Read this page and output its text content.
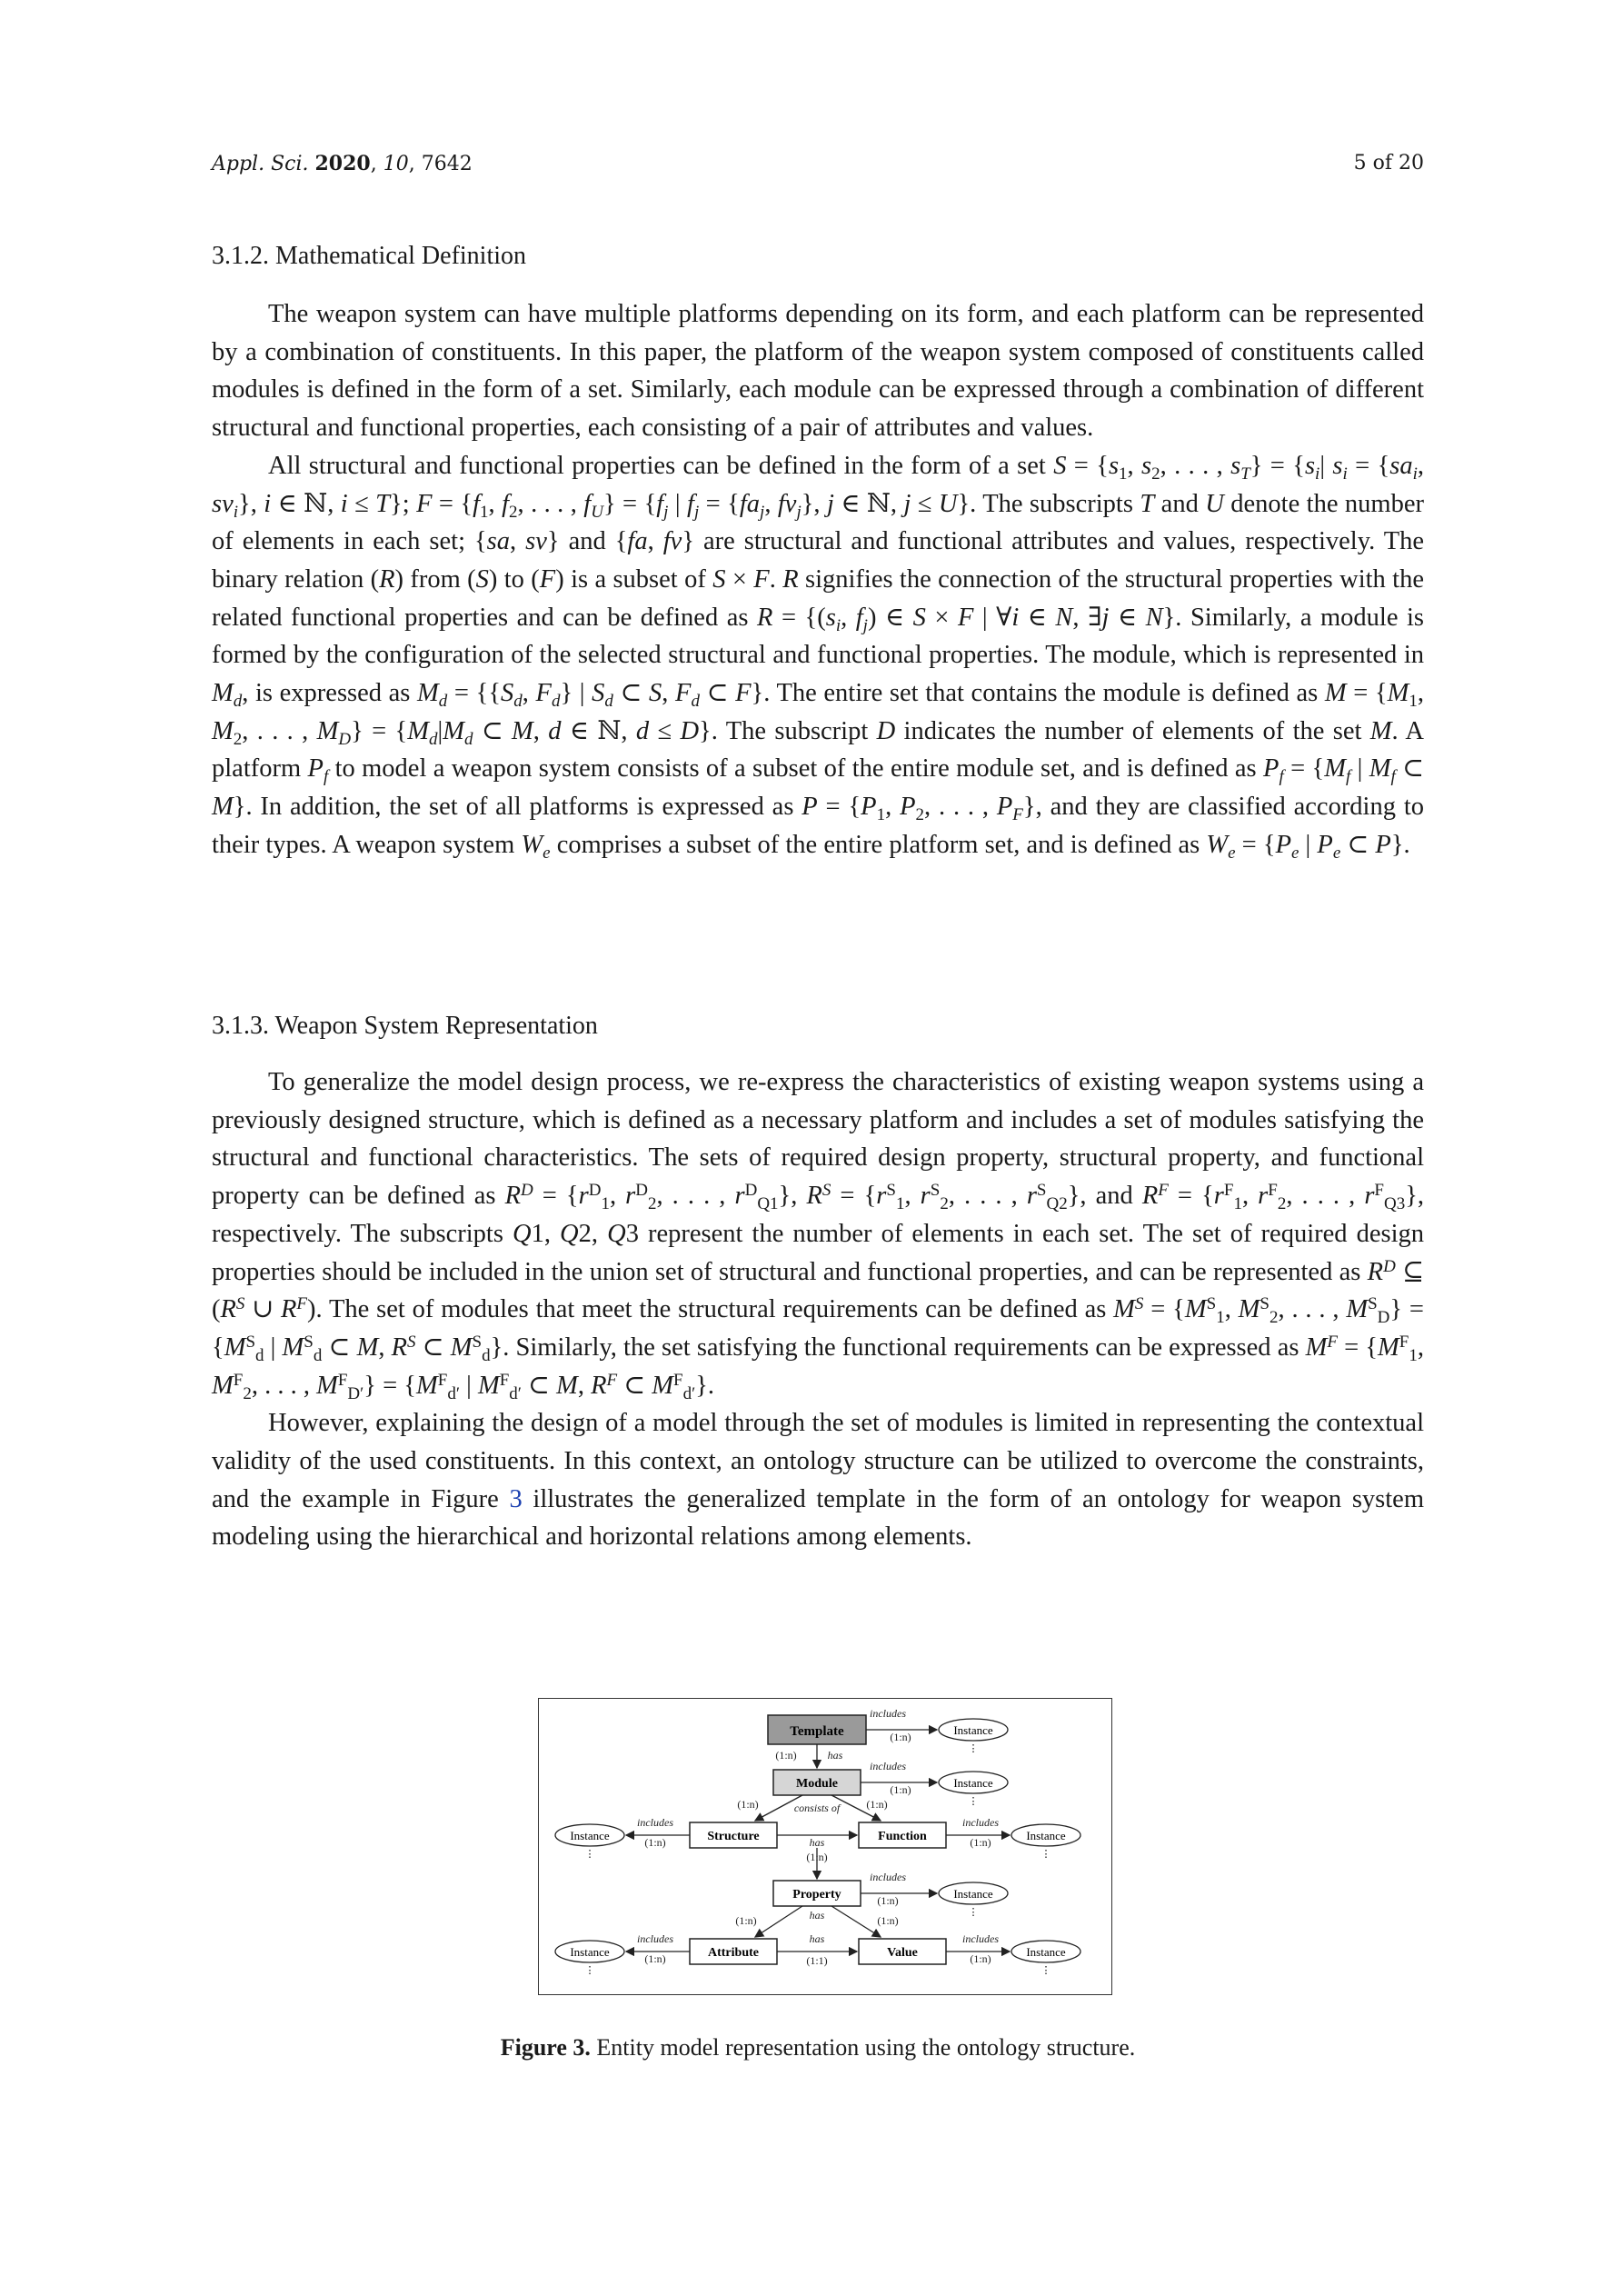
Appl. Sci. 2020, 10, 7642	5 of 20
3.1.2. Mathematical Definition

The weapon system can have multiple platforms depending on its form, and each platform can be represented by a combination of constituents. In this paper, the platform of the weapon system composed of constituents called modules is defined in the form of a set. Similarly, each module can be expressed through a combination of different structural and functional properties, each consisting of a pair of attributes and values.

All structural and functional properties can be defined in the form of a set $S = \{s_1$, $s_2$, . . . , $s_T\} = \{s_i|$ $s_i = \{sa_i$, $sv_i$}, i ∈ ℕ, i ≤ T}; $F = \{f_1$, $f_2$, . . . , $f_U\} = \{f_j$ | $f_j = \{fa_j$, $fv_j$}, j ∈ ℕ, j ≤ U}. The subscripts T and U denote the number of elements in each set; {sa, sv} and {fa, fv} are structural and functional attributes and values, respectively. The binary relation (R) from (S) to (F) is a subset of S × F. R signifies the connection of the structural properties with the related functional properties and can be defined as $R = \{(s_i$, $f_j$) ∈ S × F | ∀i ∈ N, ∃j ∈ N}. Similarly, a module is formed by the configuration of the selected structural and functional properties. The module, which is represented in $M_d$, is expressed as $M_d = \{\{S_d$, $F_d$} | $S_d$ ⊂ S, $F_d$ ⊂ F}. The entire set that contains the module is defined as $M = \{M_1$, $M_2$, . . . , $M_D\} = \{M_d|M_d$ ⊂ M, d ∈ ℕ, d ≤ D}. The subscript D indicates the number of elements of the set M. A platform $P_f$ to model a weapon system consists of a subset of the entire module set, and is defined as $P_f = \{M_f$ | $M_f$ ⊂ M}. In addition, the set of all platforms is expressed as $P = \{P_1$, $P_2$, . . . , $P_F$}, and they are classified according to their types. A weapon system $W_e$ comprises a subset of the entire platform set, and is defined as $W_e = \{P_e$ | $P_e$ ⊂ P}.

3.1.3. Weapon System Representation

To generalize the model design process, we re-express the characteristics of existing weapon systems using a previously designed structure, which is defined as a necessary platform and includes a set of modules satisfying the structural and functional characteristics. The sets of required design property, structural property, and functional property can be defined as $R^D = \{r^D_1$, $r^D_2$, . . . , $r^D_{Q1}$}, $R^S = \{r^S_1$, $r^S_2$, . . . , $r^S_{Q2}$}, and $R^F = \{r^F_1$, $r^F_2$, . . . , $r^F_{Q3}$}, respectively. The subscripts Q1, Q2, Q3 represent the number of elements in each set. The set of required design properties should be included in the union set of structural and functional properties, and can be represented as $R^D$ ⊆ ($R^S$ ∪ $R^F$). The set of modules that meet the structural requirements can be defined as $M^S = \{M^S_1$, $M^S_2$, . . . , $M^S_D\} = \{M^S_d$ | $M^S_d$ ⊂ M, $R^S$ ⊂ $M^S_d$}. Similarly, the set satisfying the functional requirements can be expressed as $M^F = \{M^F_1$, $M^F_2$, . . . , $M^F_{D'}\} = \{M^F_{d'}$ | $M^F_{d'}$ ⊂ M, $R^F$ ⊂ $M^F_{d'}$}.

However, explaining the design of a model through the set of modules is limited in representing the contextual validity of the used constituents. In this context, an ontology structure can be utilized to overcome the constraints, and the example in Figure 3 illustrates the generalized template in the form of an ontology for weapon system modeling using the hierarchical and horizontal relations among elements.

Template
Module
Structure	Function
Property
Attribute	Value
Instance
⋮
Instance
⋮
Instance
⋮
Instance
⋮
Instance
⋮
Instance
⋮
Instance
⋮
includes
(1:n)
(1:n)	has
includes
(1:n)
(1:n)	consists of (1:n)
includes
(1:n)
includes
(1:n)
has
(1:n)
includes
(1:n)
has
(1:n)	(1:n)
has
(1:1)
includes
(1:n)
includes
(1:n)
Figure 3. Entity model representation using the ontology structure.
